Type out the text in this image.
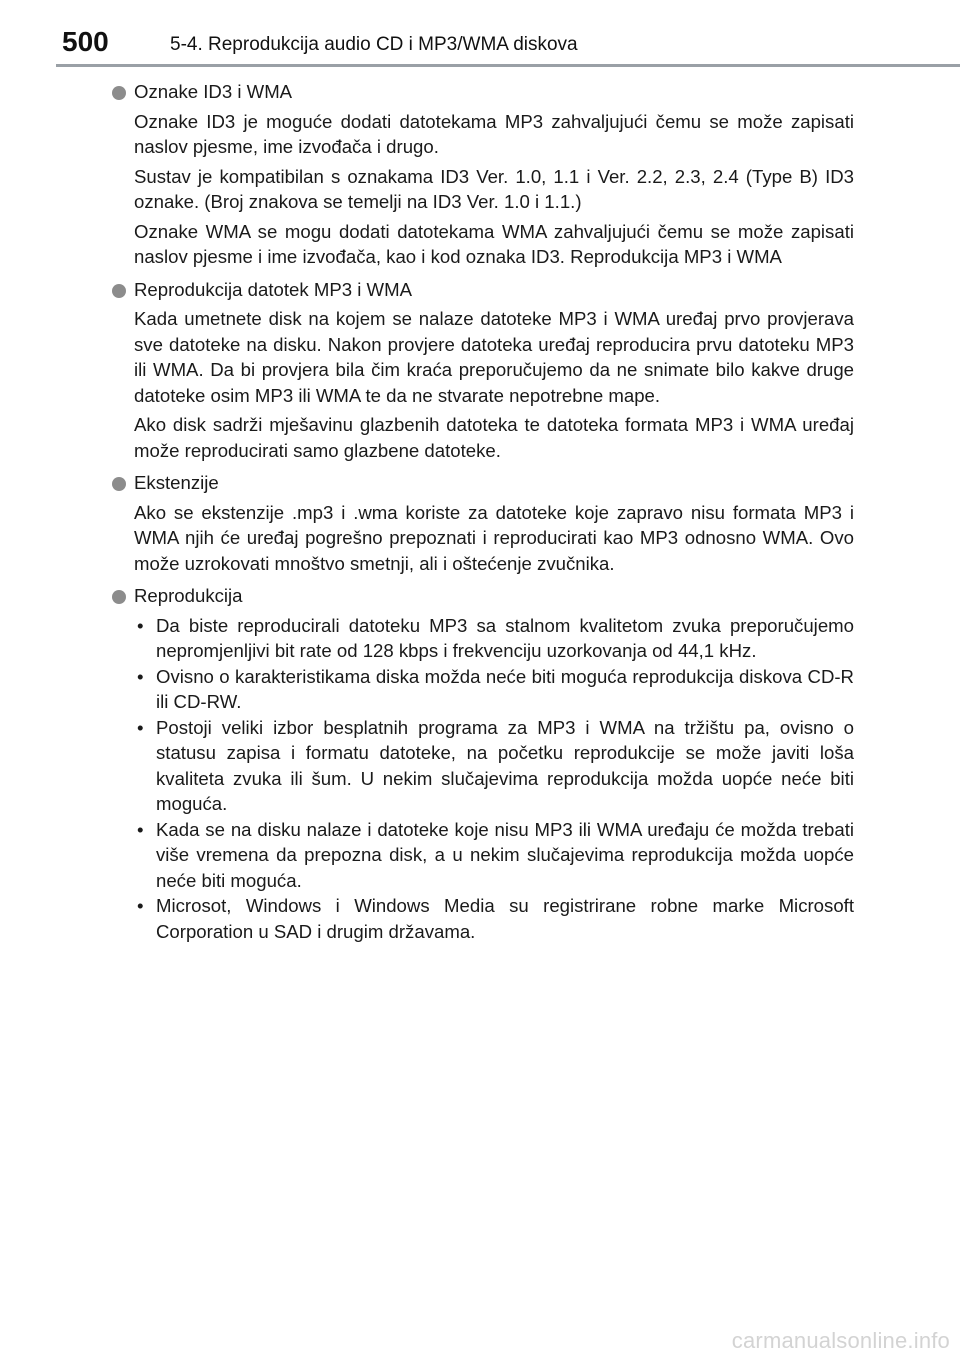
500	5-4. Reprodukcija audio CD i MP3/WMA diskova

Oznake ID3 i WMA

Oznake ID3 je moguće dodati datotekama MP3 zahvaljujući čemu se može zapisati naslov pjesme, ime izvođača i drugo.

Sustav je kompatibilan s oznakama ID3 Ver. 1.0, 1.1 i Ver. 2.2, 2.3, 2.4 (Type B) ID3 oznake. (Broj znakova se temelji na ID3 Ver. 1.0 i 1.1.)

Oznake WMA se mogu dodati datotekama WMA zahvaljujući čemu se može zapisati naslov pjesme i ime izvođača, kao i kod oznaka ID3. Reprodukcija MP3 i WMA

Reprodukcija datotek MP3 i WMA

Kada umetnete disk na kojem se nalaze datoteke MP3 i WMA uređaj prvo provjerava sve datoteke na disku. Nakon provjere datoteka uređaj reproducira prvu datoteku MP3 ili WMA. Da bi provjera bila čim kraća preporučujemo da ne snimate bilo kakve druge datoteke osim MP3 ili WMA te da ne stvarate nepotrebne mape.

Ako disk sadrži mješavinu glazbenih datoteka te datoteka formata MP3 i WMA uređaj može reproducirati samo glazbene datoteke.

Ekstenzije

Ako se ekstenzije .mp3 i .wma koriste za datoteke koje zapravo nisu formata MP3 i WMA njih će uređaj pogrešno prepoznati i reproducirati kao MP3 odnosno WMA. Ovo može uzrokovati mnoštvo smetnji, ali i oštećenje zvučnika.

Reprodukcija

• Da biste reproducirali datoteku MP3 sa stalnom kvalitetom zvuka preporučujemo nepromjenljivi bit rate od 128 kbps i frekvenciju uzorkovanja od 44,1 kHz.
• Ovisno o karakteristikama diska možda neće biti moguća reprodukcija diskova CD-R ili CD-RW.
• Postoji veliki izbor besplatnih programa za MP3 i WMA na tržištu pa, ovisno o statusu zapisa i formatu datoteke, na početku reprodukcije se može javiti loša kvaliteta zvuka ili šum. U nekim slučajevima reprodukcija možda uopće neće biti moguća.
• Kada se na disku nalaze i datoteke koje nisu MP3 ili WMA uređaju će možda trebati više vremena da prepozna disk, a u nekim slučajevima reprodukcija možda uopće neće biti moguća.
• Microsot, Windows i Windows Media su registrirane robne marke Microsoft Corporation u SAD i drugim državama.
carmanualsonline.info
